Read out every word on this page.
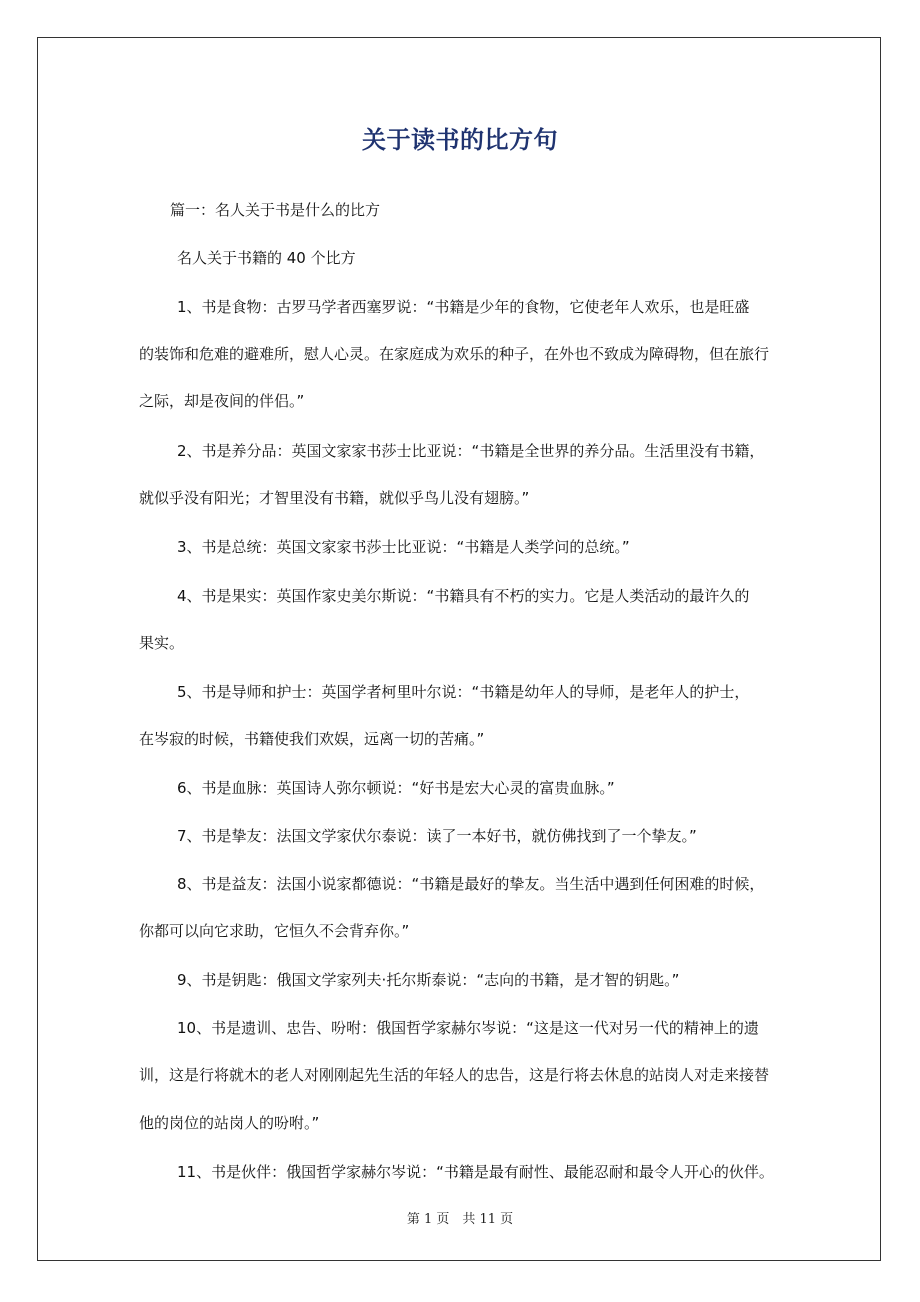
关于读书的比方句
篇一：名人关于书是什么的比方
名人关于书籍的 40 个比方
1、书是食物：古罗马学者西塞罗说：“书籍是少年的食物，它使老年人欢乐，也是旺盛
的装饰和危难的避难所，慰人心灵。在家庭成为欢乐的种子，在外也不致成为障碍物，但在旅行
之际，却是夜间的伴侣。”
2、书是养分品：英国文家家书莎士比亚说：“书籍是全世界的养分品。生活里没有书籍，
就似乎没有阳光；才智里没有书籍，就似乎鸟儿没有翅膀。”
3、书是总统：英国文家家书莎士比亚说：“书籍是人类学问的总统。”
4、书是果实：英国作家史美尔斯说：“书籍具有不朽的实力。它是人类活动的最许久的
果实。
5、书是导师和护士：英国学者柯里叶尔说：“书籍是幼年人的导师，是老年人的护士，
在岑寂的时候，书籍使我们欢娱，远离一切的苦痛。”
6、书是血脉：英国诗人弥尔顿说：“好书是宏大心灵的富贵血脉。”
7、书是挚友：法国文学家伏尔泰说：读了一本好书，就仿佛找到了一个挚友。”
8、书是益友：法国小说家都德说：“书籍是最好的挚友。当生活中遇到任何困难的时候，
你都可以向它求助，它恒久不会背弃你。”
9、书是钥匙：俄国文学家列夫·托尔斯泰说：“志向的书籍，是才智的钥匙。”
10、书是遗训、忠告、吩咐：俄国哲学家赫尔岑说：“这是这一代对另一代的精神上的遗
训，这是行将就木的老人对刚刚起先生活的年轻人的忠告，这是行将去休息的站岗人对走来接替
他的岗位的站岗人的吩咐。”
11、书是伙伴：俄国哲学家赫尔岑说：“书籍是最有耐性、最能忍耐和最令人开心的伙伴。
第 1 页　共 11 页
